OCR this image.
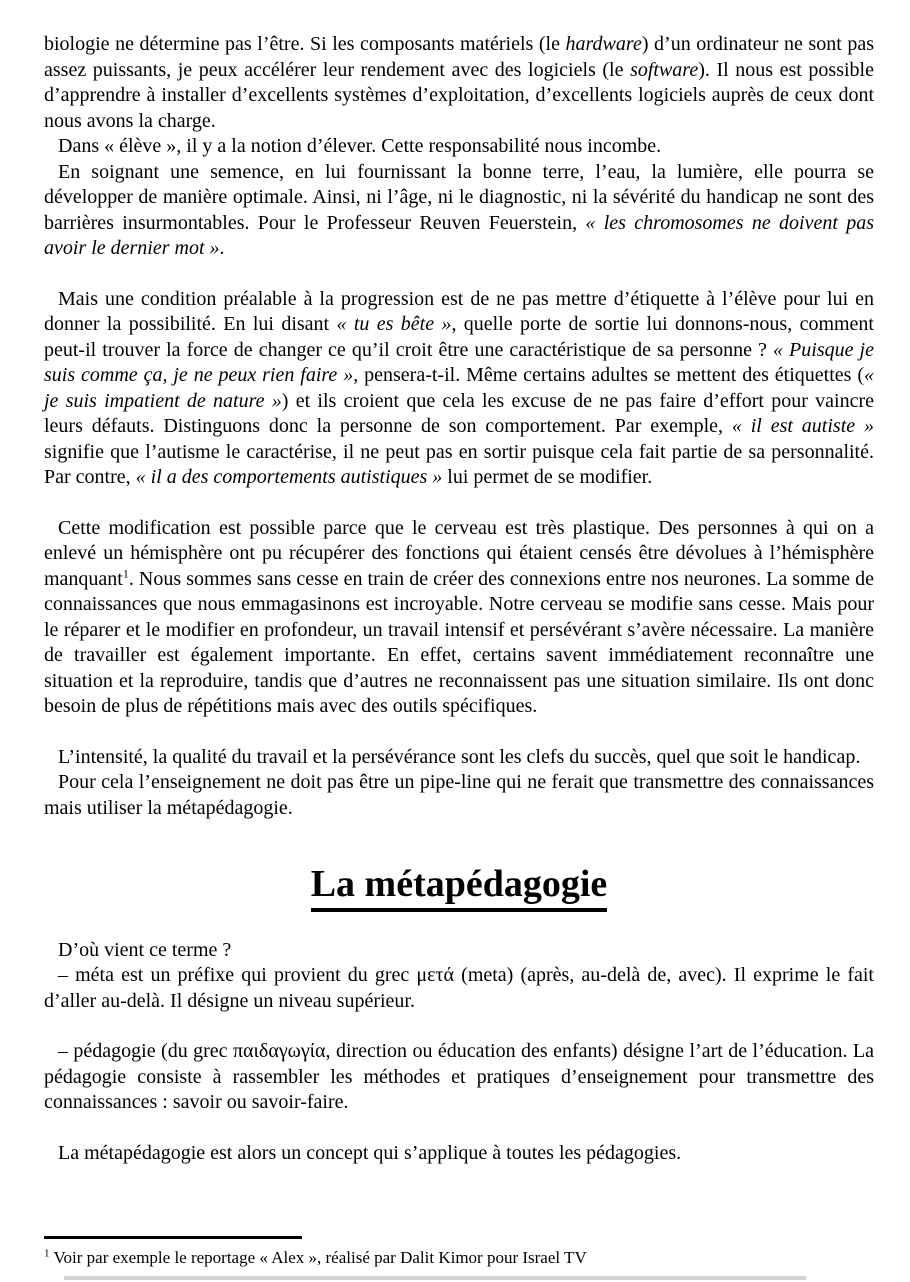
biologie ne détermine pas l’être. Si les composants matériels (le hardware) d’un ordinateur ne sont pas assez puissants, je peux accélérer leur rendement avec des logiciels (le software). Il nous est possible d’apprendre à installer d’excellents systèmes d’exploitation, d’excellents logiciels auprès de ceux dont nous avons la charge.

Dans « élève », il y a la notion d’élever. Cette responsabilité nous incombe.

En soignant une semence, en lui fournissant la bonne terre, l’eau, la lumière, elle pourra se développer de manière optimale. Ainsi, ni l’âge, ni le diagnostic, ni la sévérité du handicap ne sont des barrières insurmontables. Pour le Professeur Reuven Feuerstein, « les chromosomes ne doivent pas avoir le dernier mot ».

Mais une condition préalable à la progression est de ne pas mettre d’étiquette à l’élève pour lui en donner la possibilité. En lui disant « tu es bête », quelle porte de sortie lui donnons-nous, comment peut-il trouver la force de changer ce qu’il croit être une caractéristique de sa personne ? « Puisque je suis comme ça, je ne peux rien faire », pensera-t-il. Même certains adultes se mettent des étiquettes (« je suis impatient de nature ») et ils croient que cela les excuse de ne pas faire d’effort pour vaincre leurs défauts. Distinguons donc la personne de son comportement. Par exemple, « il est autiste » signifie que l’autisme le caractérise, il ne peut pas en sortir puisque cela fait partie de sa personnalité. Par contre, « il a des comportements autistiques » lui permet de se modifier.

Cette modification est possible parce que le cerveau est très plastique. Des personnes à qui on a enlevé un hémisphère ont pu récupérer des fonctions qui étaient censés être dévolues à l’hémisphère manquant$^1$. Nous sommes sans cesse en train de créer des connexions entre nos neurones. La somme de connaissances que nous emmagasinons est incroyable. Notre cerveau se modifie sans cesse. Mais pour le réparer et le modifier en profondeur, un travail intensif et persévérant s’avère nécessaire. La manière de travailler est également importante. En effet, certains savent immédiatement reconnaître une situation et la reproduire, tandis que d’autres ne reconnaissent pas une situation similaire. Ils ont donc besoin de plus de répétitions mais avec des outils spécifiques.

L’intensité, la qualité du travail et la persévérance sont les clefs du succès, quel que soit le handicap.

Pour cela l’enseignement ne doit pas être un pipe-line qui ne ferait que transmettre des connaissances mais utiliser la métapédagogie.

La métapédagogie

D’où vient ce terme ?

– méta est un préfixe qui provient du grec μετά (meta) (après, au-delà de, avec). Il exprime le fait d’aller au-delà. Il désigne un niveau supérieur.

– pédagogie (du grec παιδαγωγία, direction ou éducation des enfants) désigne l’art de l’éducation. La pédagogie consiste à rassembler les méthodes et pratiques d’enseignement pour transmettre des connaissances : savoir ou savoir-faire.

La métapédagogie est alors un concept qui s’applique à toutes les pédagogies.

$^1$ Voir par exemple le reportage « Alex », réalisé par Dalit Kimor pour Israel TV
